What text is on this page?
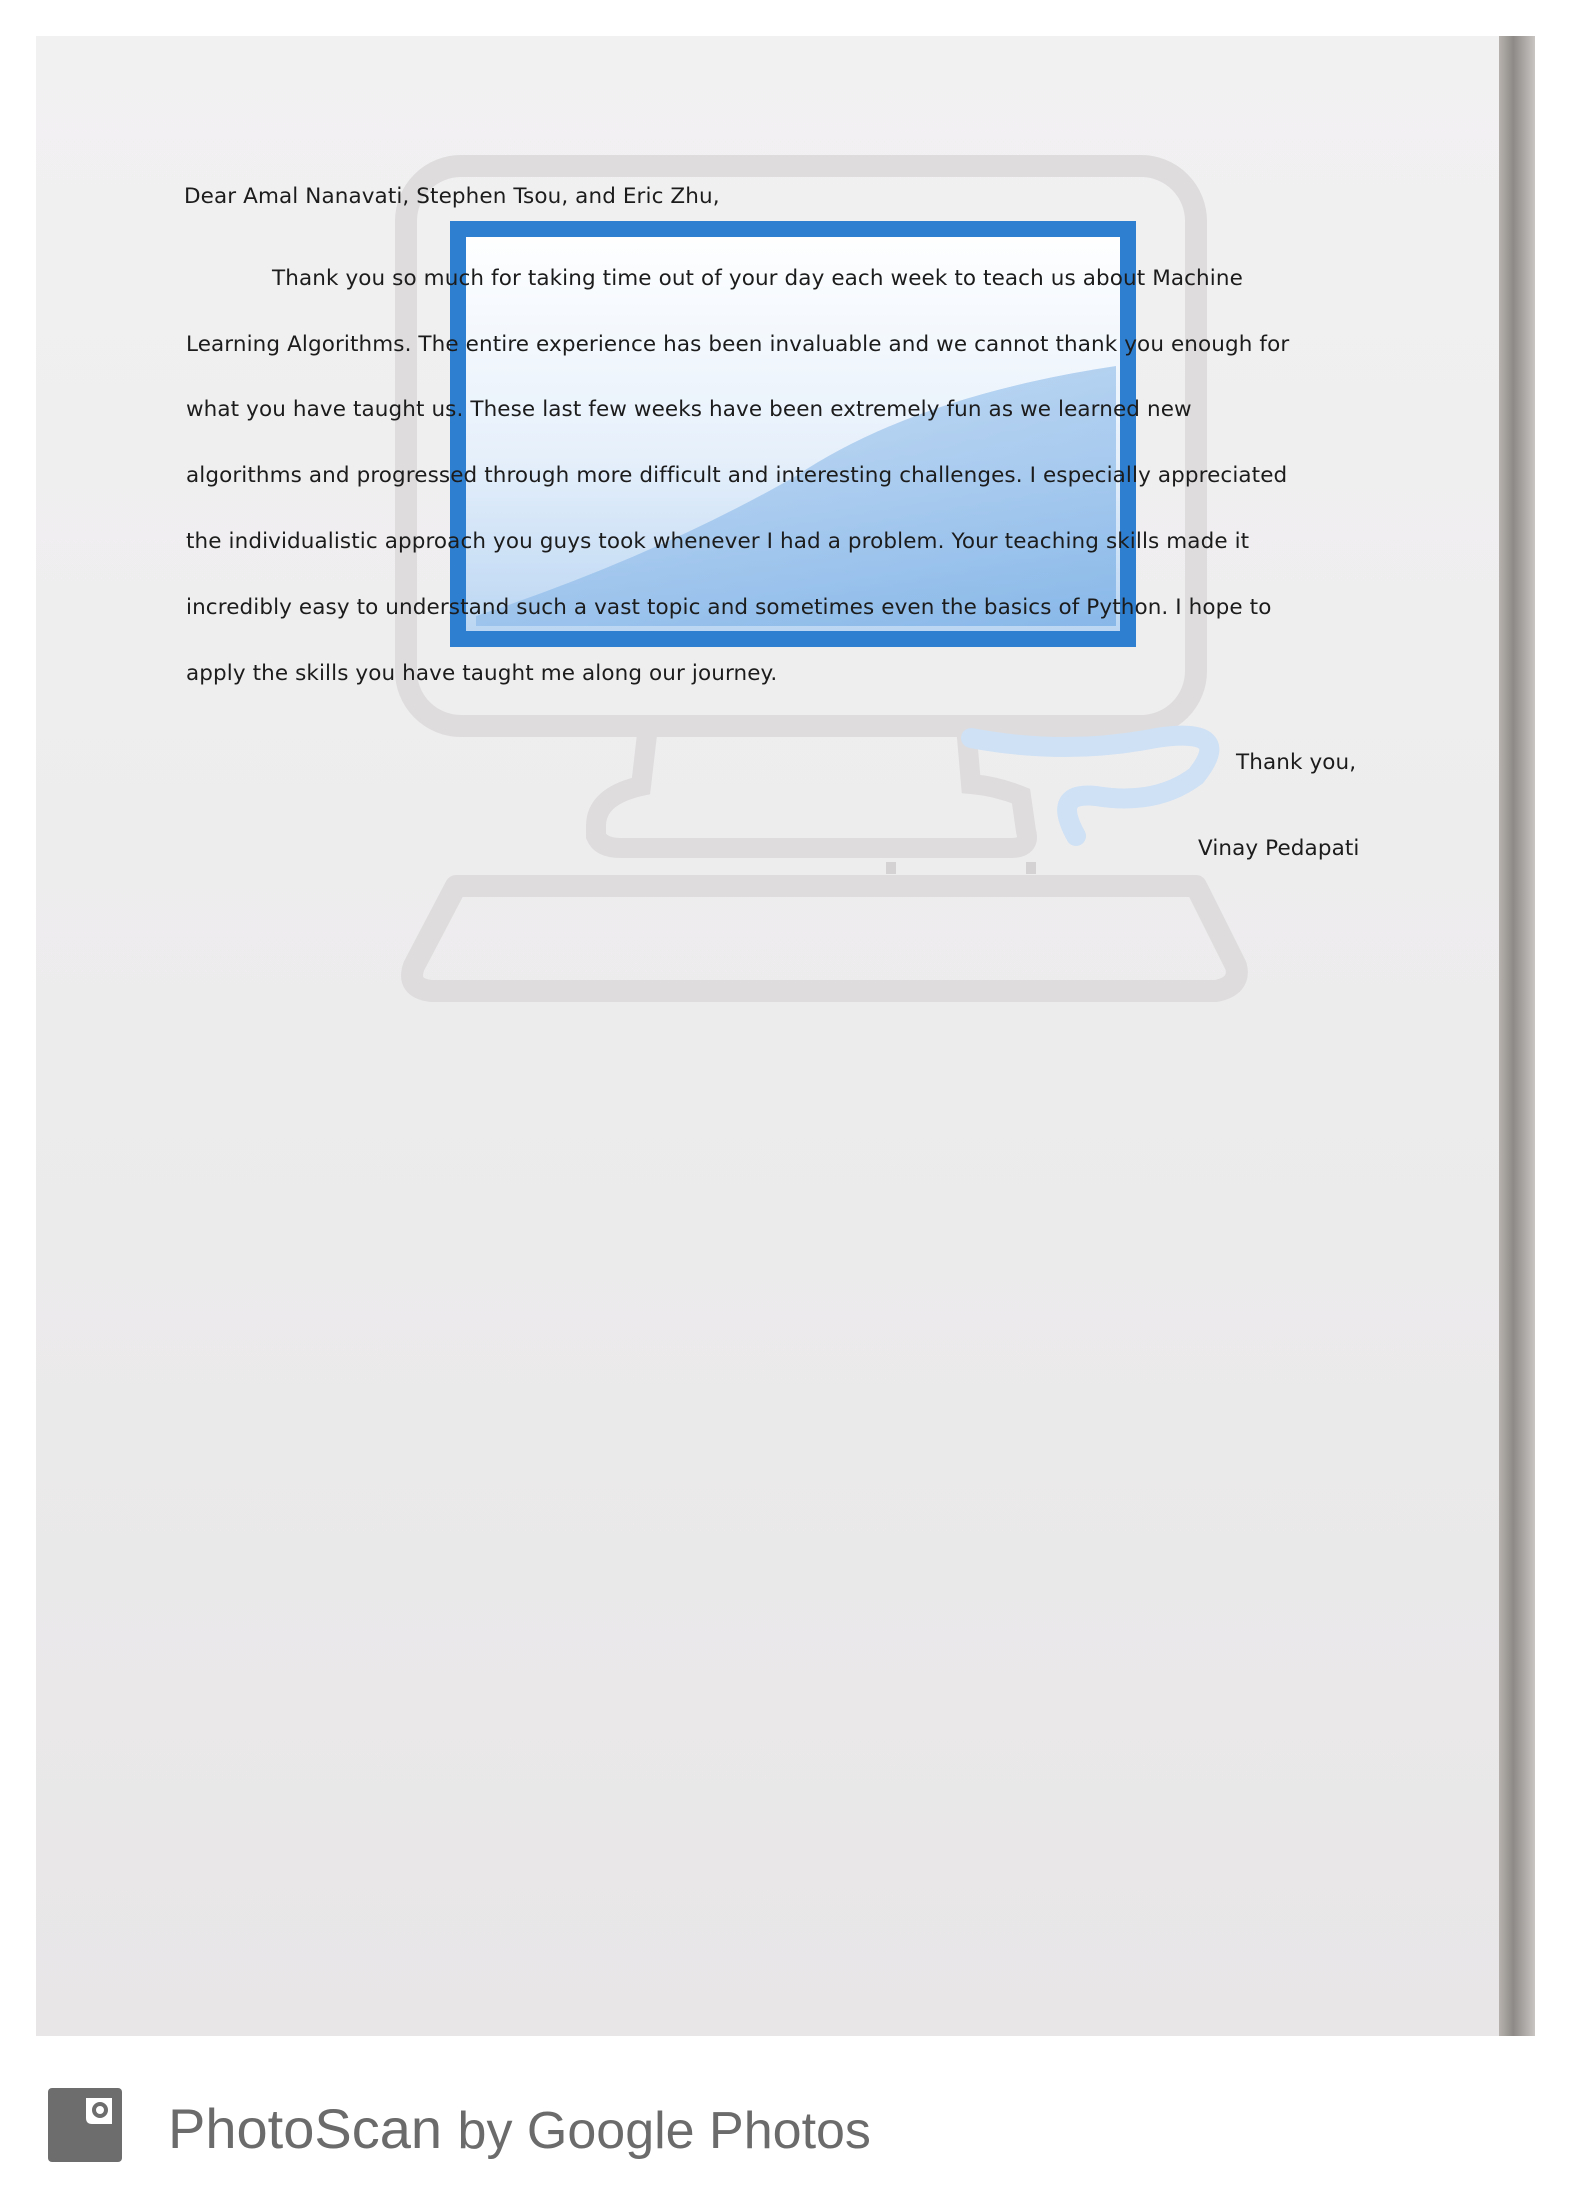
Dear Amal Nanavati, Stephen Tsou, and Eric Zhu,
Thank you so much for taking time out of your day each week to teach us about Machine
Learning Algorithms. The entire experience has been invaluable and we cannot thank you enough for
what you have taught us. These last few weeks have been extremely fun as we learned new
algorithms and progressed through more difficult and interesting challenges. I especially appreciated
the individualistic approach you guys took whenever I had a problem. Your teaching skills made it
incredibly easy to understand such a vast topic and sometimes even the basics of Python. I hope to
apply the skills you have taught me along our journey.
Thank you,
Vinay Pedapati
PhotoScan by Google Photos
